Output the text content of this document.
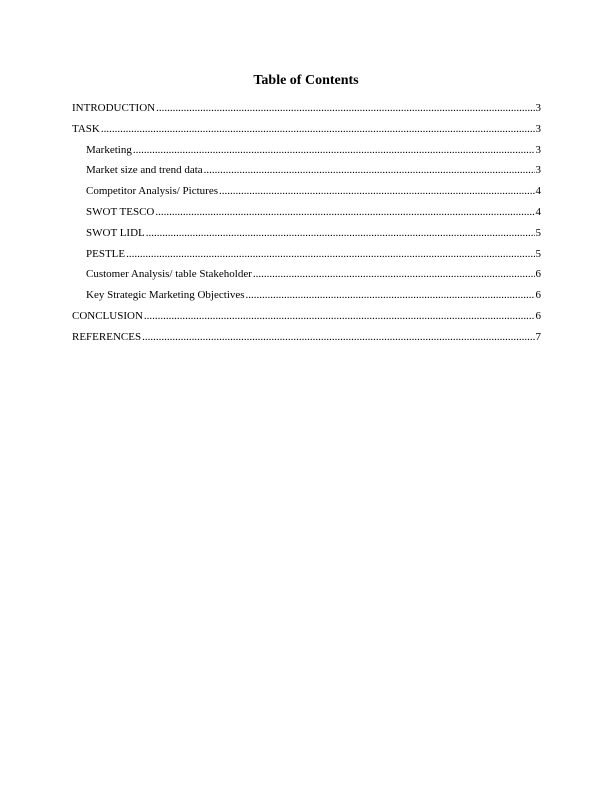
Table of Contents
INTRODUCTION .....	3
TASK .....	3
Marketing .....	3
Market size and trend data .....	3
Competitor Analysis/ Pictures .....	4
SWOT TESCO .....	4
SWOT LIDL .....	5
PESTLE .....	5
Customer Analysis/ table Stakeholder .....	6
Key Strategic Marketing Objectives .....	6
CONCLUSION .....	6
REFERENCES .....	7
